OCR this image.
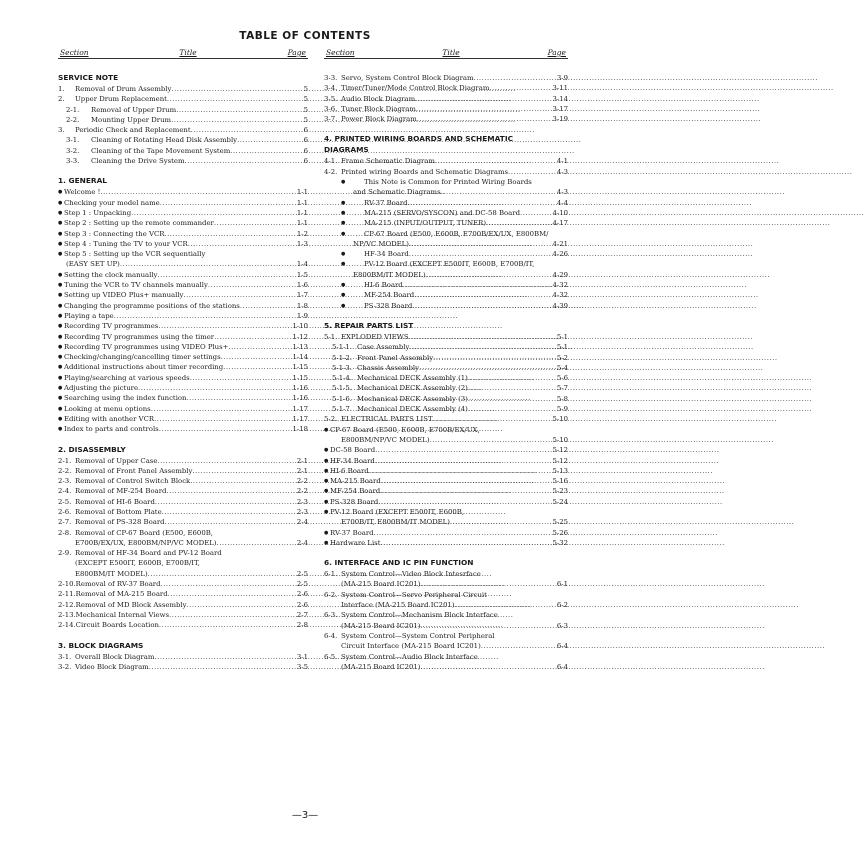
TABLE OF CONTENTS
Section	Title	Page
SERVICE NOTE
1.	Removal of Drum Assembly .....	5
2.	Upper Drum Replacement .....	5
2-1.	Removal of Upper Drum .....	5
2-2.	Mounting Upper Drum .....	5
3.	Periodic Check and Replacement .....	6
3-1.	Cleaning of Rotating Head Disk Assembly .....	6
3-2.	Cleaning of the Tape Movement System .....	6
3-3.	Cleaning the Drive System .....	6
1. GENERAL
● Welcome ! .....	1-1
● Checking your model name .....	1-1
● Step 1 : Unpacking .....	1-1
● Step 2 : Setting up the remote commander .....	1-1
● Step 3 : Connecting the VCR .....	1-2
● Step 4 : Tuning the TV to your VCR .....	1-3
● Step 5 : Setting up the VCR sequentially
(EASY SET UP) .....	1-4
● Setting the clock manually .....	1-5
● Tuning the VCR to TV channels manually .....	1-6
● Setting up VIDEO Plus+ manually .....	1-7
● Changing the programme positions of the stations .....	1-8
● Playing a tape .....	1-9
● Recording TV programmes .....	1-10
● Recording TV programmes using the timer .....	1-12
● Recording TV programmes using VIDEO Plus+ .....	1-13
● Checking/changing/cancelling timer settings .....	1-14
● Additional instructions about timer recording .....	1-15
● Playing/searching at various speeds .....	1-15
● Adjusting the picture .....	1-16
● Searching using the index function .....	1-16
● Looking at menu options .....	1-17
● Editing with another VCR .....	1-17
● Index to parts and controls .....	1-18
2. DISASSEMBLY
2-1. Removal of Upper Case .....	2-1
2-2. Removal of Front Panel Assembly .....	2-1
2-3. Removal of Control Switch Block .....	2-2
2-4. Removal of MF-254 Board .....	2-2
2-5. Removal of HI-6 Board .....	2-3
2-6. Removal of Bottom Plate .....	2-3
2-7. Removal of PS-328 Board .....	2-4
2-8. Removal of CP-67 Board (E500, E600B,
E700B/EX/UX, E800BM/NP/VC MODEL) .....	2-4
2-9. Removal of HF-34 Board and PV-12 Board
(EXCEPT E500IT, E600B, E700B/IT,
E800BM/IT MODEL) .....	2-5
2-10. Removal of RV-37 Board .....	2-5
2-11. Removal of MA-215 Board .....	2-6
2-12. Removal of MD Block Assembly .....	2-6
2-13. Mechanical Internal Views .....	2-7
2-14. Circuit Boards Location .....	2-8
3. BLOCK DIAGRAMS
3-1. Overall Block Diagram .....	3-1
3-2. Video Block Diagram .....	3-5
Section	Title	Page
3-3. Servo, System Control Block Diagram .....	3-9
3-4. Timer/Tuner/Mode Control Block Diagram .....	3-11
3-5. Audio Block Diagram .....	3-14
3-6. Tuner Block Diagram .....	3-17
3-7. Power Block Diagram .....	3-19
4. PRINTED WIRING BOARDS AND SCHEMATIC
DIAGRAMS
4-1. Frame Schematic Diagram .....	4-1
4-2. Printed wiring Boards and Schematic Diagrams .....	4-3
●	This Note is Common for Printed Wiring Boards
and Schematic Diagrams .....	4-3
●	RV-37 Board .....	4-4
●	MA-215 (SERVO/SYSCON) and DC-58 Board .....	4-10
●	MA-215 (INPUT/OUTPUT, TUNER) .....	4-17
●	CP-67 Board (E500, E600B, E700B/EX/UX, E800BM/
NP/VC MODEL) .....	4-21
●	HF-34 Board .....	4-26
●	PV-12 Board (EXCEPT E500IT, E600B, E700B/IT,
E800BM/IT MODEL) .....	4-29
●	HI-6 Board .....	4-32
●	MF-254 Board .....	4-32
●	PS-328 Board .....	4-39
5. REPAIR PARTS LIST
5-1. EXPLODED VIEWS .....	5-1
5-1-1. Case Assembly .....	5-1
5-1-2. Front Panel Assembly .....	5-2
5-1-3. Chassis Assembly .....	5-4
5-1-4. Mechanical DECK Assembly (1) .....	5-6
5-1-5. Mechanical DECK Assembly (2) .....	5-7
5-1-6. Mechanical DECK Assembly (3) .....	5-8
5-1-7. Mechanical DECK Assembly (4) .....	5-9
5-2. ELECTRICAL PARTS LIST .....	5-10
● CP-67 Board (E500, E600B, E700B/EX/UX,
E800BM/NP/VC MODEL) .....	5-10
● DC-58 Board .....	5-12
● HF-34 Board .....	5-12
● HI-6 Board .....	5-13
● MA-215 Board .....	5-16
● MF-254 Board .....	5-23
● PS-328 Board .....	5-24
● PV-12 Board (EXCEPT E500IT, E600B,
E700B/IT, E800BM/IT MODEL) .....	5-25
● RV-37 Board .....	5-26
● Hardware List .....	5-32
6. INTERFACE AND IC PIN FUNCTION
6-1. System Control—Video Block Intesrface
(MA-215 Board IC201) .....	6-1
6-2. System Control—Servo Peripheral Circuit
Interface (MA-215 Board IC201) .....	6-2
6-3. System Control—Mechanism Block Interface
(MA-215 Board IC201) .....	6-3
6-4. System Control—System Control Peripheral
Circuit Interface (MA-215 Board IC201) .....	6-4
6-5. System Control—Audio Block Interface
(MA-215 Board IC201) .....	6-4
—3—
